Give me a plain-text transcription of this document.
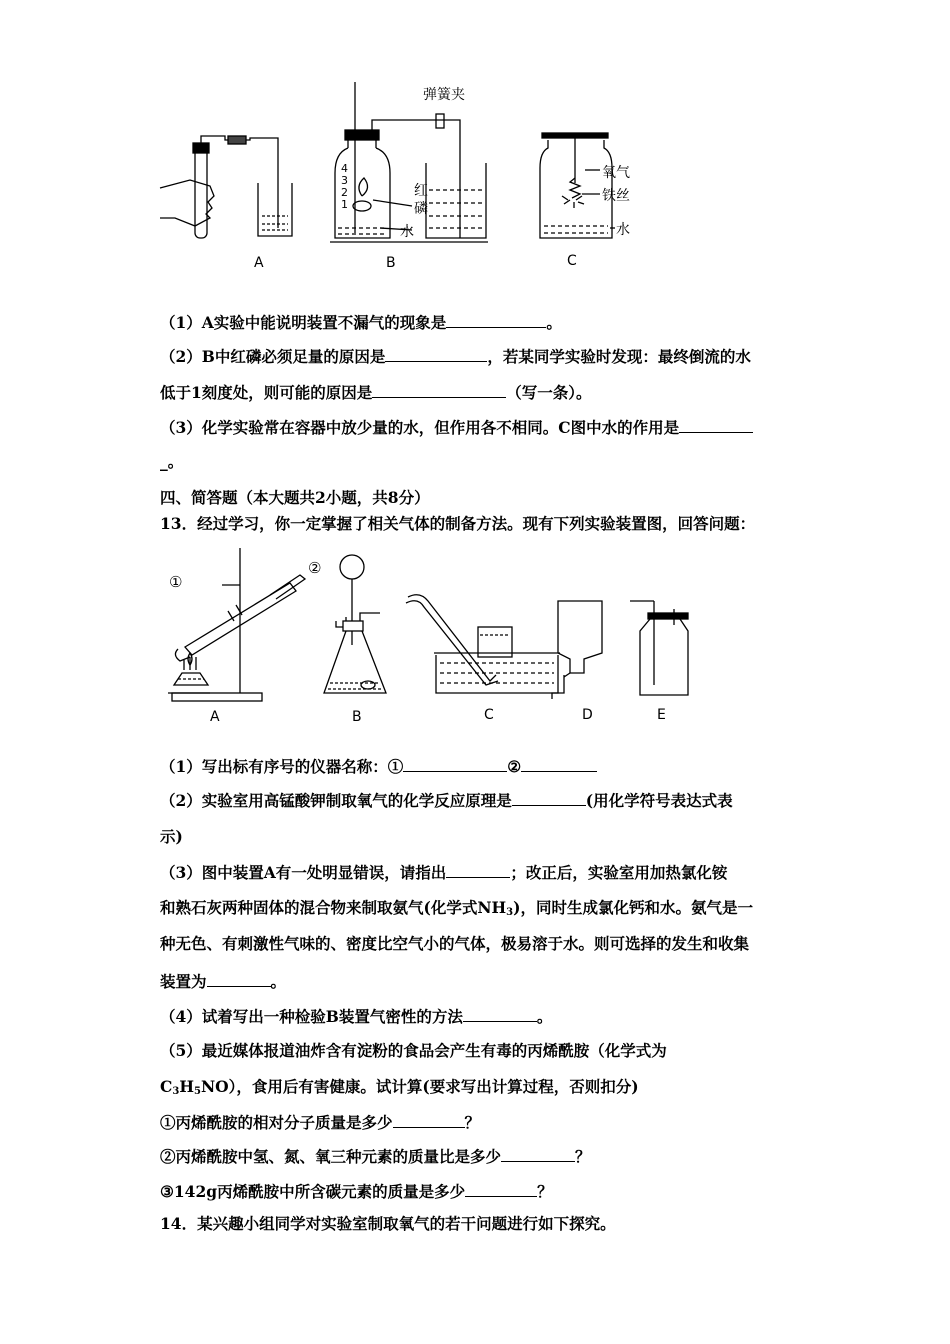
弹簧夹
4
3
2
1
红
磷
水
氧气
铁丝
水
A	B	C
（1）A实验中能说明装置不漏气的现象是	。
（2）B中红磷必须足量的原因是	，若某同学实验时发现：最终倒流的水
低于1刻度处，则可能的原因是	（写一条）。
（3）化学实验常在容器中放少量的水，但作用各不相同。C图中水的作用是
_。
四、简答题（本大题共2小题，共8分）
13．经过学习，你一定掌握了相关气体的制备方法。现有下列实验装置图，回答问题：
①
②
A	B	C	D	E
（1）写出标有序号的仪器名称：①	②
（2）实验室用高锰酸钾制取氧气的化学反应原理是	(用化学符号表达式表
示)
（3）图中装置A有一处明显错误，请指出	；改正后，实验室用加热氯化铵
和熟石灰两种固体的混合物来制取氨气(化学式$NH_3$)，同时生成氯化钙和水。氨气是一
种无色、有刺激性气味的、密度比空气小的气体，极易溶于水。则可选择的发生和收集
装置为	。
（4）试着写出一种检验B装置气密性的方法	。
（5）最近媒体报道油炸含有淀粉的食品会产生有毒的丙烯酰胺（化学式为
$C_3H_5NO$），食用后有害健康。试计算(要求写出计算过程，否则扣分)
①丙烯酰胺的相对分子质量是多少	？
②丙烯酰胺中氢、氮、氧三种元素的质量比是多少	？
③142g丙烯酰胺中所含碳元素的质量是多少	？
14．某兴趣小组同学对实验室制取氧气的若干问题进行如下探究。
